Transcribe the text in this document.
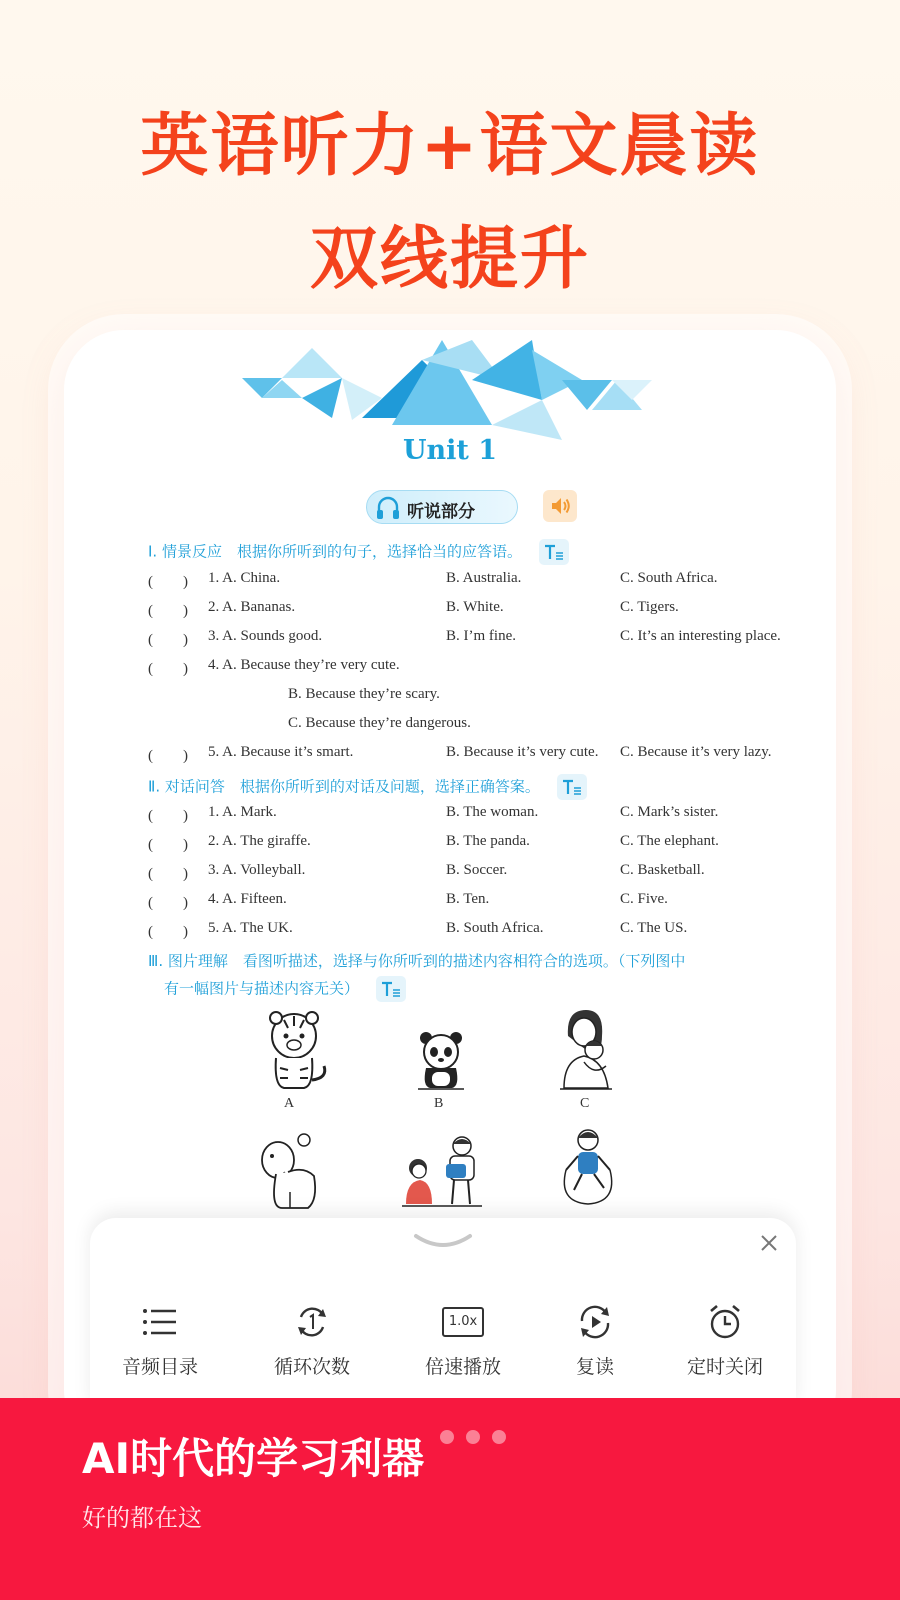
英语听力+语文晨读
双线提升
Unit 1
听说部分
Ⅰ. 情景反应　根据你所听到的句子，选择恰当的应答语。
(　　) 1. A. China.	B. Australia.	C. South Africa.
(　　) 2. A. Bananas.	B. White.	C. Tigers.
(　　) 3. A. Sounds good.	B. I’m fine.	C. It’s an interesting place.
(　　) 4. A. Because they’re very cute.
B. Because they’re scary.
C. Because they’re dangerous.
(　　) 5. A. Because it’s smart.	B. Because it’s very cute. C. Because it’s very lazy.
Ⅱ. 对话问答　根据你所听到的对话及问题，选择正确答案。
(　　) 1. A. Mark.	B. The woman.	C. Mark’s sister.
(　　) 2. A. The giraffe.	B. The panda.	C. The elephant.
(　　) 3. A. Volleyball.	B. Soccer.	C. Basketball.
(　　) 4. A. Fifteen.	B. Ten.	C. Five.
(　　) 5. A. The UK.	B. South Africa.	C. The US.
Ⅲ. 图片理解　看图听描述，选择与你所听到的描述内容相符合的选项。（下列图中
有一幅图片与描述内容无关）
A	B	C
音频目录	循环次数
1.0x
倍速播放	复读	定时关闭
AI时代的学习利器
好的都在这
